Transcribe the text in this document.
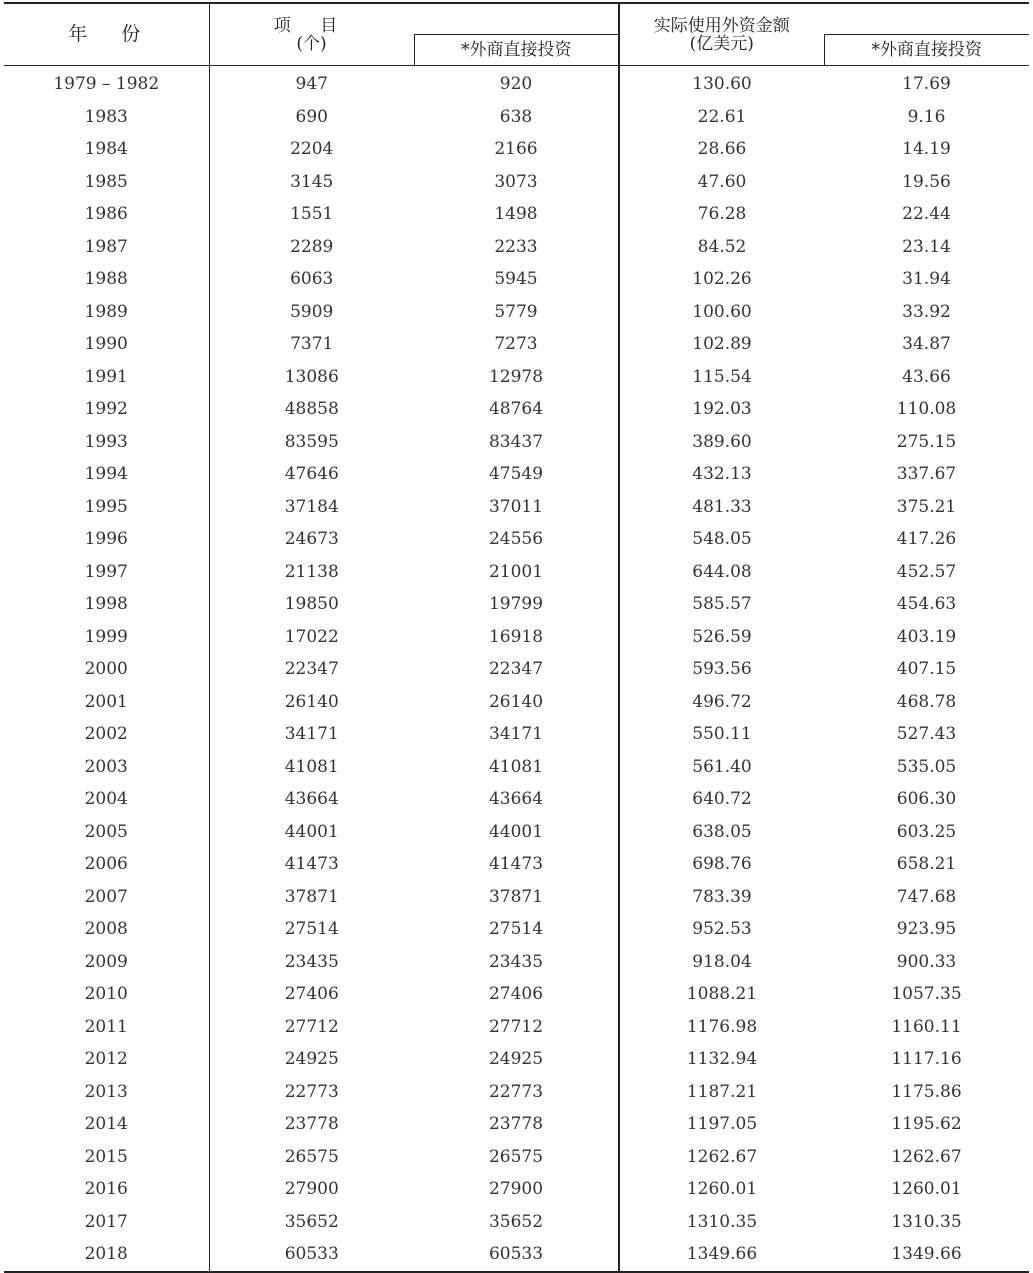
年 份	项 目
(个)		实际使用外资金额
(亿美元)	

		*外商直接投资		*外商直接投资
1979 – 1982	947	920	130.60	17.69
1983	690	638	22.61	9.16
1984	2204	2166	28.66	14.19
1985	3145	3073	47.60	19.56
1986	1551	1498	76.28	22.44
1987	2289	2233	84.52	23.14
1988	6063	5945	102.26	31.94
1989	5909	5779	100.60	33.92
1990	7371	7273	102.89	34.87
1991	13086	12978	115.54	43.66
1992	48858	48764	192.03	110.08
1993	83595	83437	389.60	275.15
1994	47646	47549	432.13	337.67
1995	37184	37011	481.33	375.21
1996	24673	24556	548.05	417.26
1997	21138	21001	644.08	452.57
1998	19850	19799	585.57	454.63
1999	17022	16918	526.59	403.19
2000	22347	22347	593.56	407.15
2001	26140	26140	496.72	468.78
2002	34171	34171	550.11	527.43
2003	41081	41081	561.40	535.05
2004	43664	43664	640.72	606.30
2005	44001	44001	638.05	603.25
2006	41473	41473	698.76	658.21
2007	37871	37871	783.39	747.68
2008	27514	27514	952.53	923.95
2009	23435	23435	918.04	900.33
2010	27406	27406	1088.21	1057.35
2011	27712	27712	1176.98	1160.11
2012	24925	24925	1132.94	1117.16
2013	22773	22773	1187.21	1175.86
2014	23778	23778	1197.05	1195.62
2015	26575	26575	1262.67	1262.67
2016	27900	27900	1260.01	1260.01
2017	35652	35652	1310.35	1310.35
2018	60533	60533	1349.66	1349.66
